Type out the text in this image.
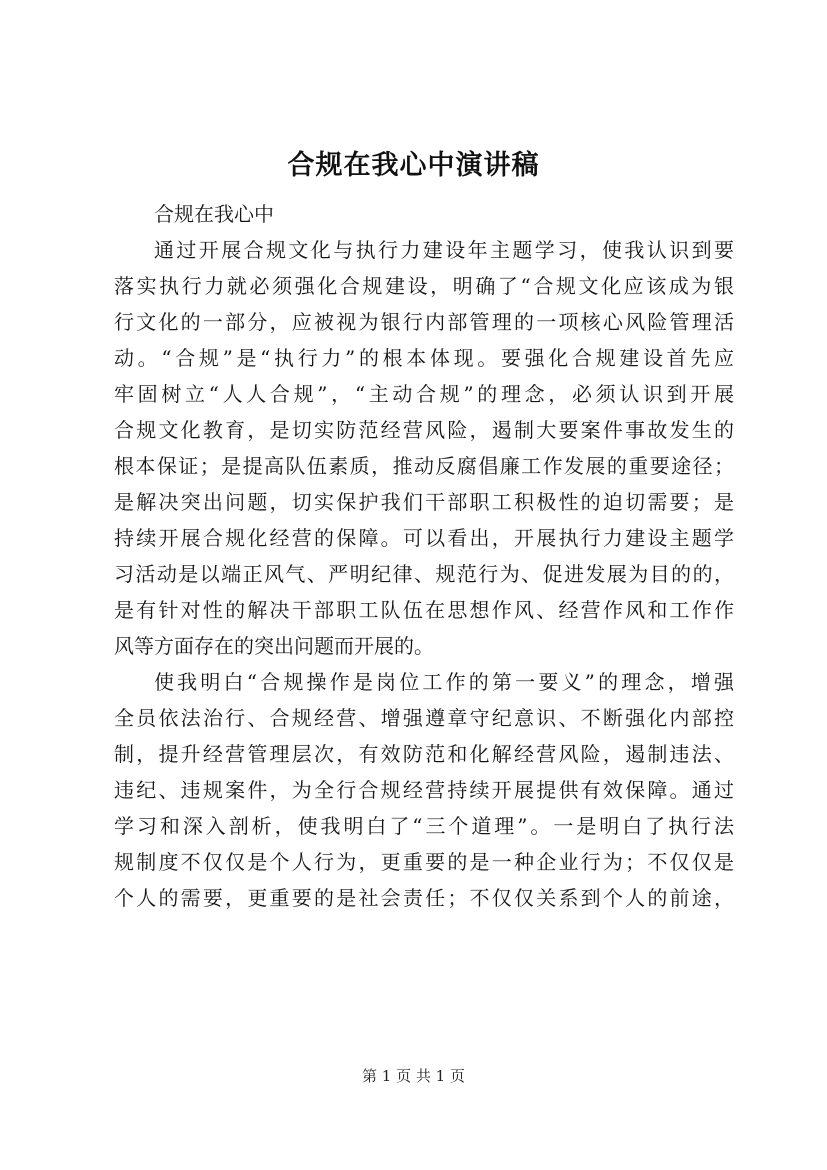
合规在我心中演讲稿
合规在我心中
通过开展合规文化与执行力建设年主题学习，使我认识到要
落实执行力就必须强化合规建设，明确了“合规文化应该成为银
行文化的一部分，应被视为银行内部管理的一项核心风险管理活
动。“合规”是“执行力”的根本体现。要强化合规建设首先应
牢固树立“人人合规”，“主动合规”的理念，必须认识到开展
合规文化教育，是切实防范经营风险，遏制大要案件事故发生的
根本保证；是提高队伍素质，推动反腐倡廉工作发展的重要途径；
是解决突出问题，切实保护我们干部职工积极性的迫切需要；是
持续开展合规化经营的保障。可以看出，开展执行力建设主题学
习活动是以端正风气、严明纪律、规范行为、促进发展为目的的，
是有针对性的解决干部职工队伍在思想作风、经营作风和工作作
风等方面存在的突出问题而开展的。
使我明白“合规操作是岗位工作的第一要义”的理念，增强
全员依法治行、合规经营、增强遵章守纪意识、不断强化内部控
制，提升经营管理层次，有效防范和化解经营风险，遏制违法、
违纪、违规案件，为全行合规经营持续开展提供有效保障。通过
学习和深入剖析，使我明白了“三个道理”。一是明白了执行法
规制度不仅仅是个人行为，更重要的是一种企业行为；不仅仅是
个人的需要，更重要的是社会责任；不仅仅关系到个人的前途，
第 1 页 共 1 页
